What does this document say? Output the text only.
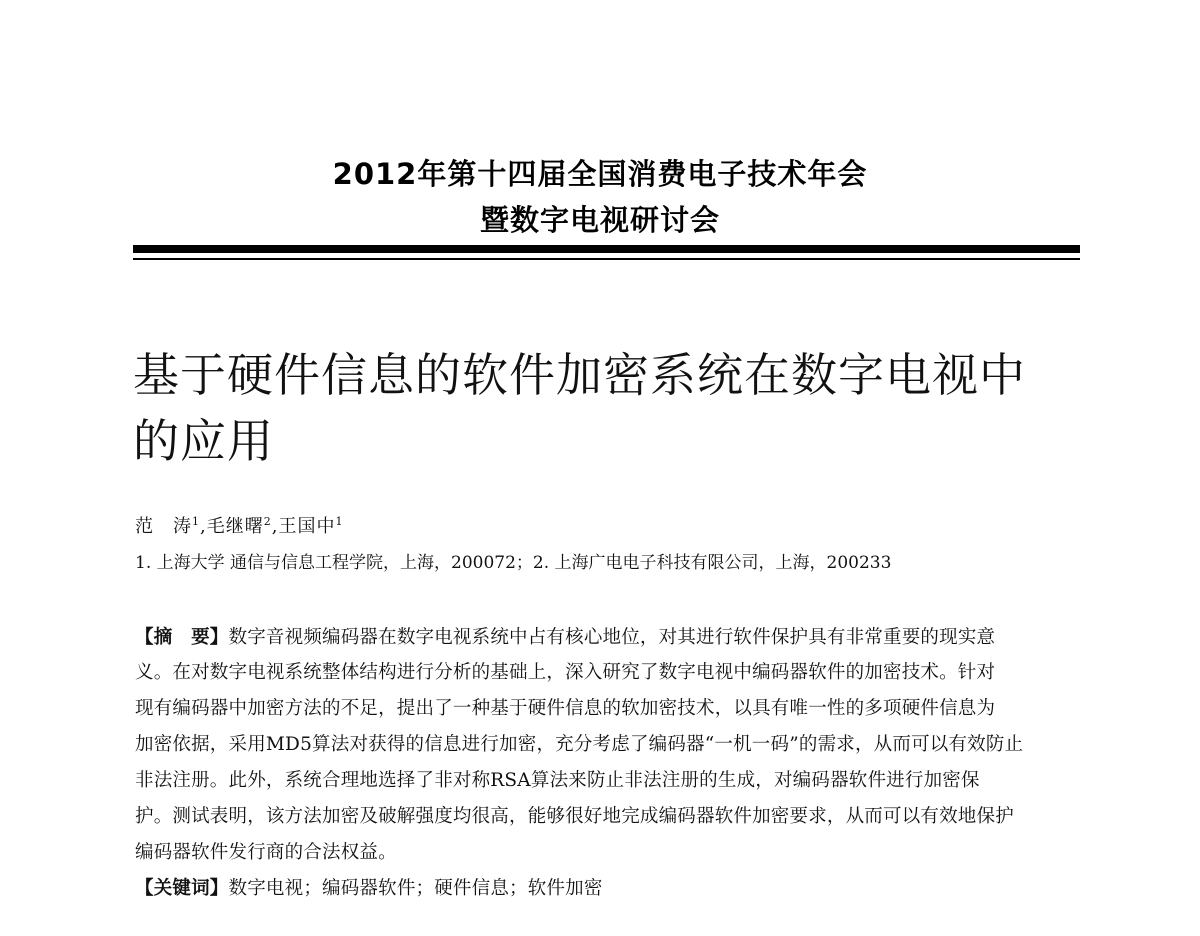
2012年第十四届全国消费电子技术年会
暨数字电视研讨会
基于硬件信息的软件加密系统在数字电视中
的应用
范　涛$^1$,毛继曙$^2$,王国中$^1$
1. 上海大学 通信与信息工程学院，上海，200072；2. 上海广电电子科技有限公司，上海，200233
【摘　要】数字音视频编码器在数字电视系统中占有核心地位，对其进行软件保护具有非常重要的现实意
义。在对数字电视系统整体结构进行分析的基础上，深入研究了数字电视中编码器软件的加密技术。针对
现有编码器中加密方法的不足，提出了一种基于硬件信息的软加密技术，以具有唯一性的多项硬件信息为
加密依据，采用MD5算法对获得的信息进行加密，充分考虑了编码器“一机一码”的需求，从而可以有效防止
非法注册。此外，系统合理地选择了非对称RSA算法来防止非法注册的生成，对编码器软件进行加密保
护。测试表明，该方法加密及破解强度均很高，能够很好地完成编码器软件加密要求，从而可以有效地保护
编码器软件发行商的合法权益。
【关键词】数字电视；编码器软件；硬件信息；软件加密
